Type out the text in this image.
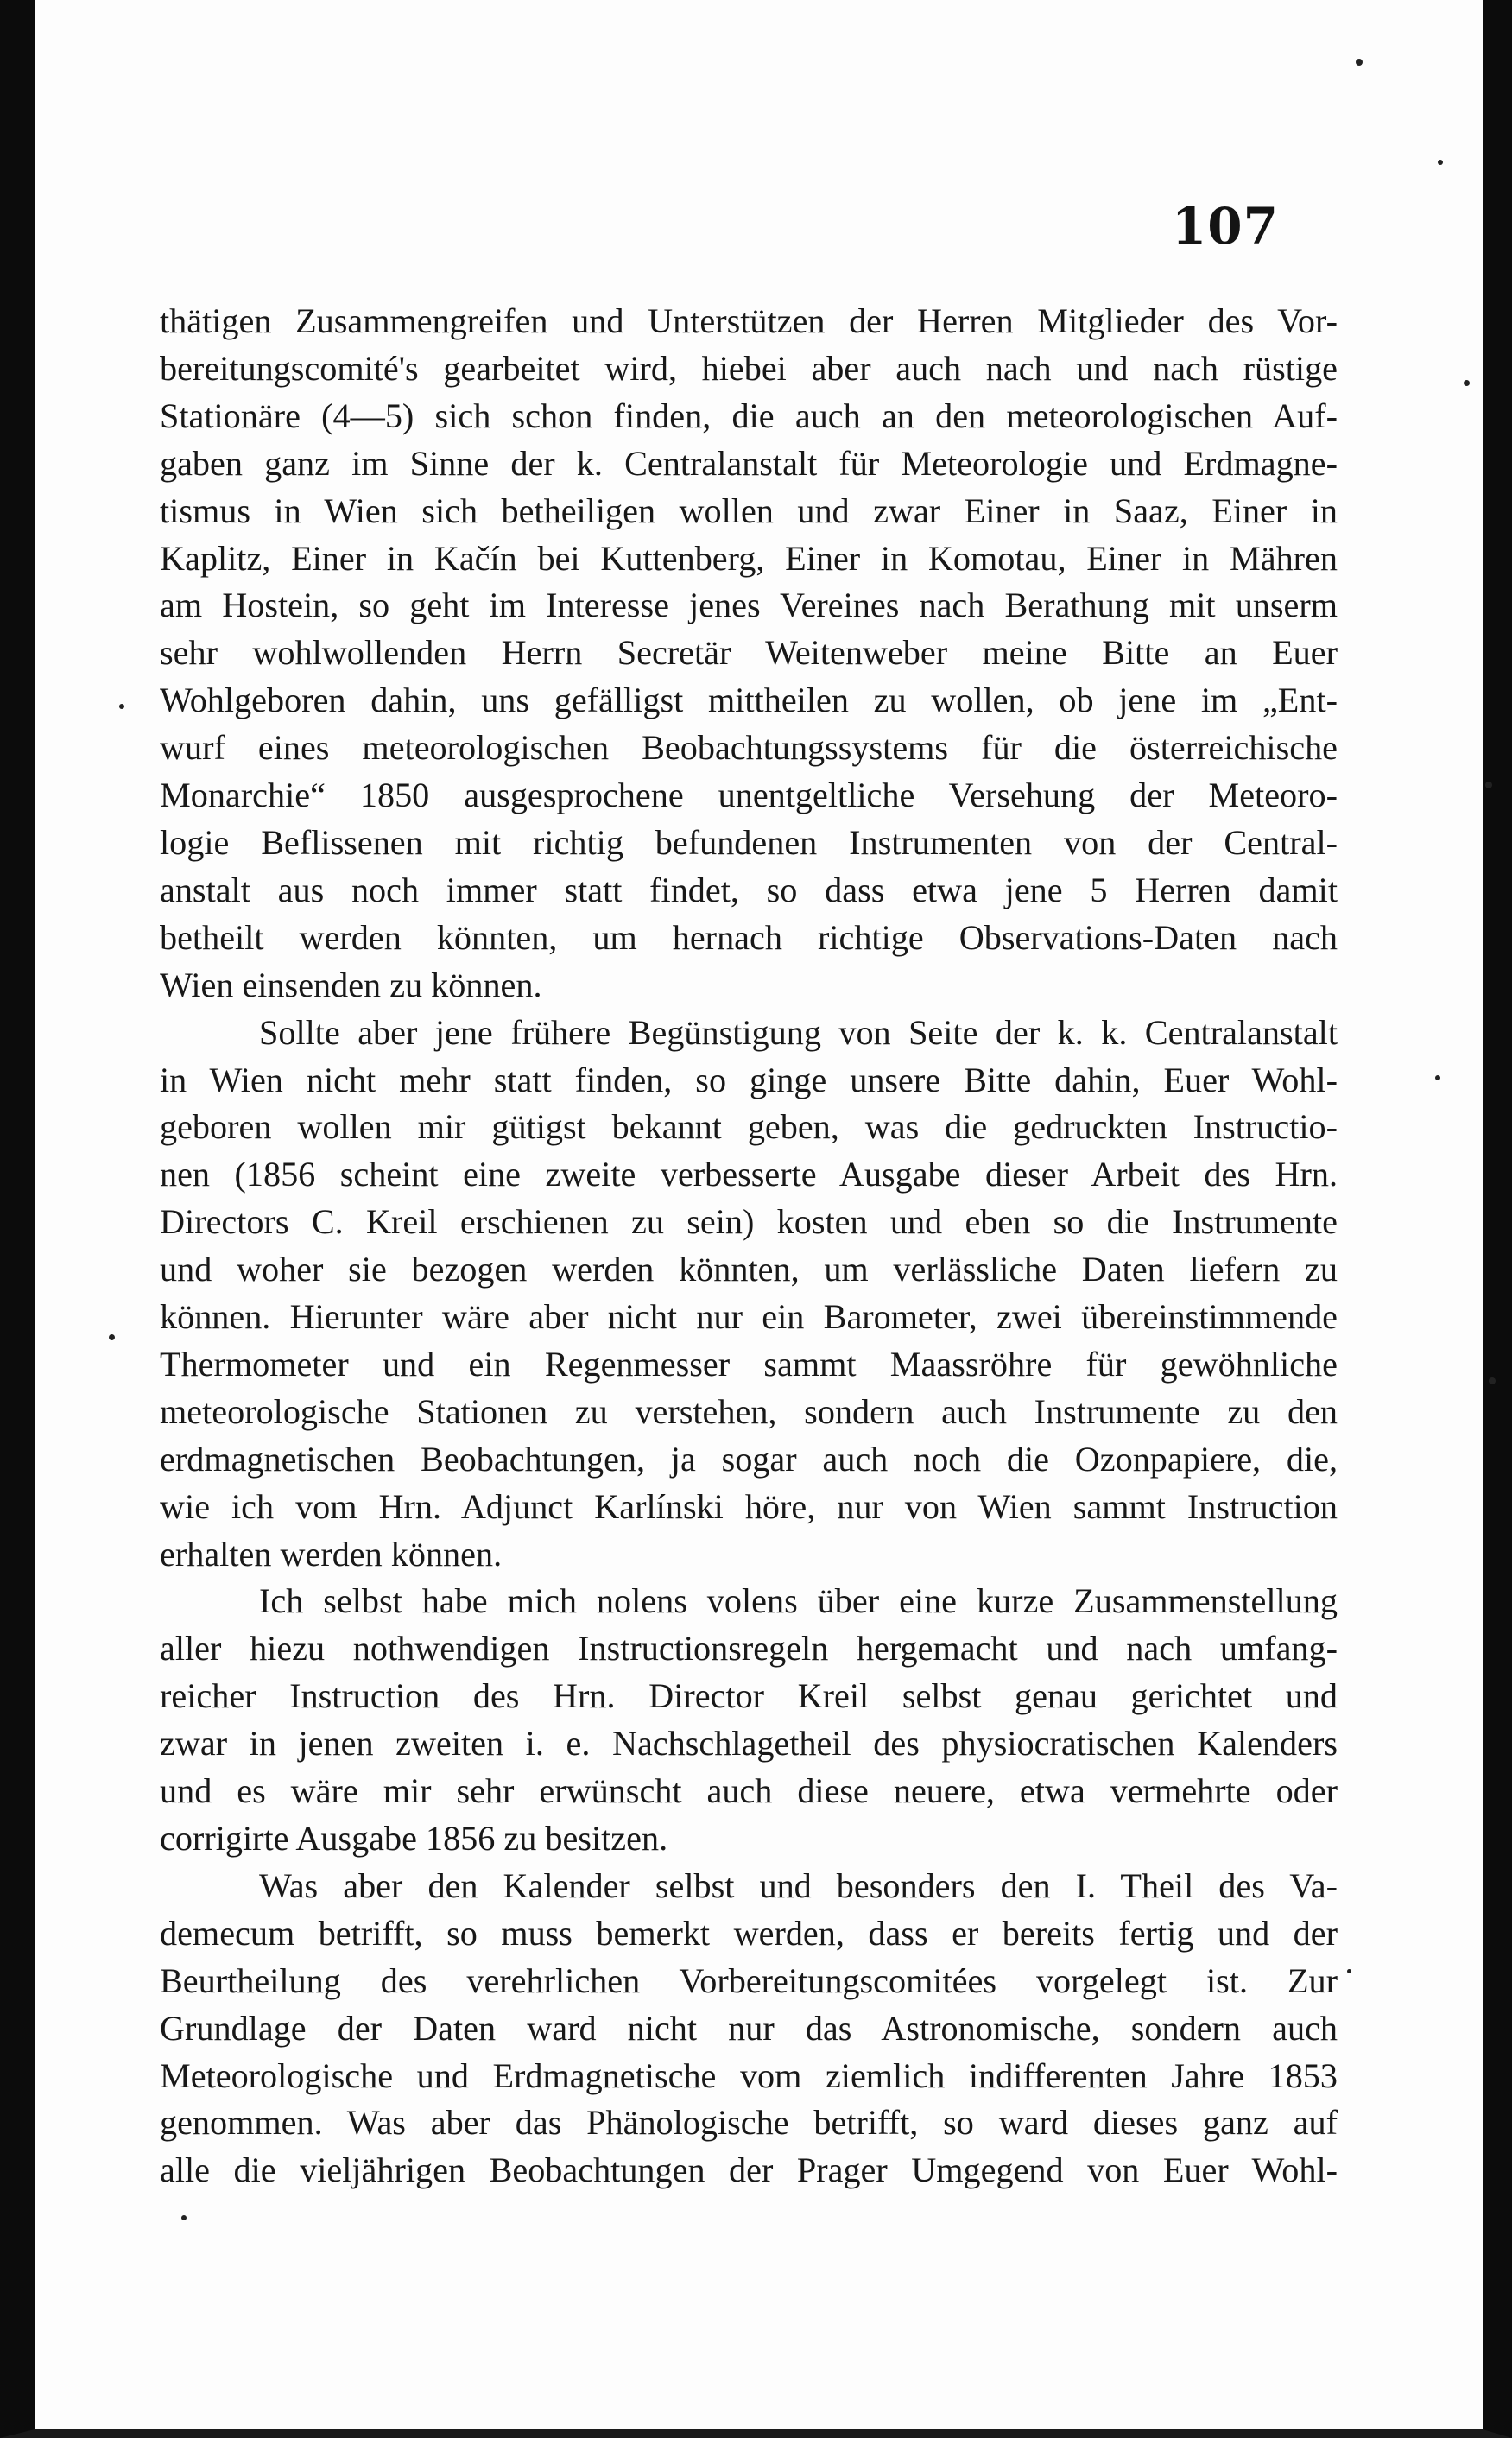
107
thätigen Zusammengreifen und Unterstützen der Herren Mitglieder des Vor-
bereitungscomité's gearbeitet wird, hiebei aber auch nach und nach rüstige
Stationäre (4—5) sich schon finden, die auch an den meteorologischen Auf-
gaben ganz im Sinne der k. Centralanstalt für Meteorologie und Erdmagne-
tismus in Wien sich betheiligen wollen und zwar Einer in Saaz, Einer in
Kaplitz, Einer in Kačín bei Kuttenberg, Einer in Komotau, Einer in Mähren
am Hostein, so geht im Interesse jenes Vereines nach Berathung mit unserm
sehr wohlwollenden Herrn Secretär Weitenweber meine Bitte an Euer
Wohlgeboren dahin, uns gefälligst mittheilen zu wollen, ob jene im „Ent-
wurf eines meteorologischen Beobachtungssystems für die österreichische
Monarchie“ 1850 ausgesprochene unentgeltliche Versehung der Meteoro-
logie Beflissenen mit richtig befundenen Instrumenten von der Central-
anstalt aus noch immer statt findet, so dass etwa jene 5 Herren damit
betheilt werden könnten, um hernach richtige Observations-Daten nach
Wien einsenden zu können.
Sollte aber jene frühere Begünstigung von Seite der k. k. Centralanstalt
in Wien nicht mehr statt finden, so ginge unsere Bitte dahin, Euer Wohl-
geboren wollen mir gütigst bekannt geben, was die gedruckten Instructio-
nen (1856 scheint eine zweite verbesserte Ausgabe dieser Arbeit des Hrn.
Directors C. Kreil erschienen zu sein) kosten und eben so die Instrumente
und woher sie bezogen werden könnten, um verlässliche Daten liefern zu
können. Hierunter wäre aber nicht nur ein Barometer, zwei übereinstimmende
Thermometer und ein Regenmesser sammt Maassröhre für gewöhnliche
meteorologische Stationen zu verstehen, sondern auch Instrumente zu den
erdmagnetischen Beobachtungen, ja sogar auch noch die Ozonpapiere, die,
wie ich vom Hrn. Adjunct Karlínski höre, nur von Wien sammt Instruction
erhalten werden können.
Ich selbst habe mich nolens volens über eine kurze Zusammenstellung
aller hiezu nothwendigen Instructionsregeln hergemacht und nach umfang-
reicher Instruction des Hrn. Director Kreil selbst genau gerichtet und
zwar in jenen zweiten i. e. Nachschlagetheil des physiocratischen Kalenders
und es wäre mir sehr erwünscht auch diese neuere, etwa vermehrte oder
corrigirte Ausgabe 1856 zu besitzen.
Was aber den Kalender selbst und besonders den I. Theil des Va-
demecum betrifft, so muss bemerkt werden, dass er bereits fertig und der
Beurtheilung des verehrlichen Vorbereitungscomitées vorgelegt ist. Zur
Grundlage der Daten ward nicht nur das Astronomische, sondern auch
Meteorologische und Erdmagnetische vom ziemlich indifferenten Jahre 1853
genommen. Was aber das Phänologische betrifft, so ward dieses ganz auf
alle die vieljährigen Beobachtungen der Prager Umgegend von Euer Wohl-
